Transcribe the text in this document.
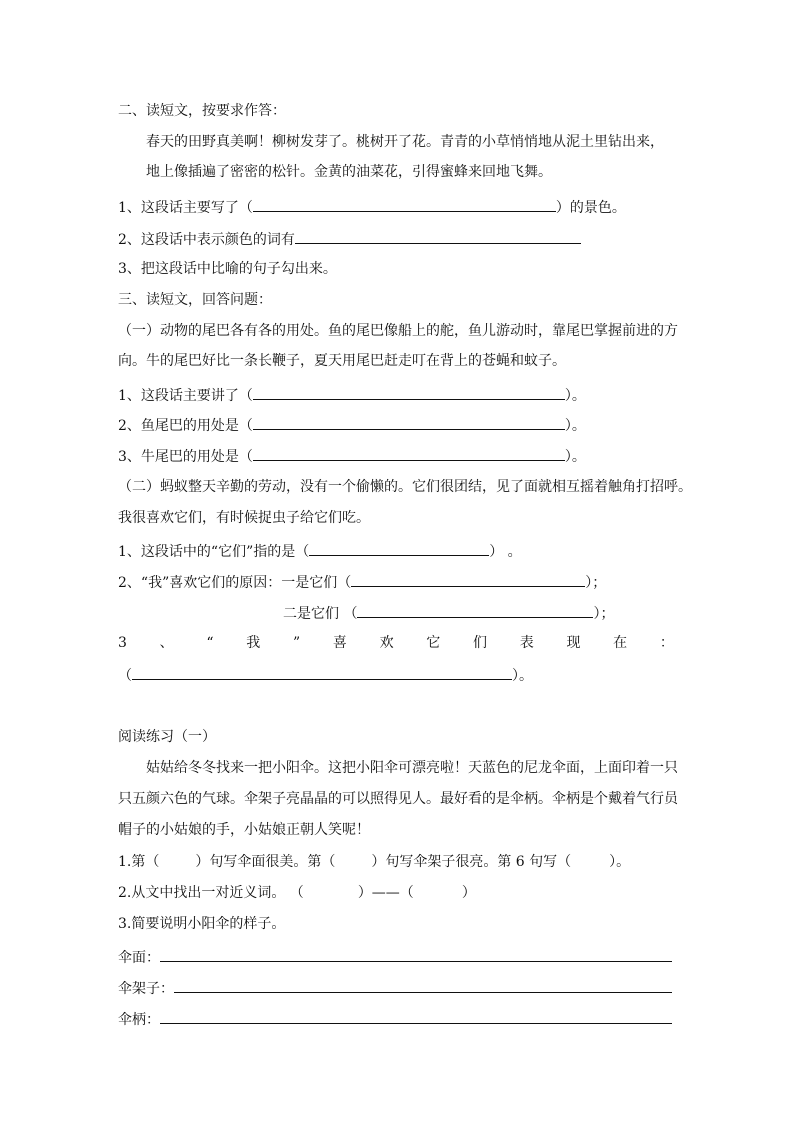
二、读短文，按要求作答：
春天的田野真美啊！柳树发芽了。桃树开了花。青青的小草悄悄地从泥土里钻出来，
地上像插遍了密密的松针。金黄的油菜花，引得蜜蜂来回地飞舞。
1、这段话主要写了（	）的景色。
2、这段话中表示颜色的词有
3、把这段话中比喻的句子勾出来。
三、读短文，回答问题：
（一）动物的尾巴各有各的用处。鱼的尾巴像船上的舵，鱼儿游动时，靠尾巴掌握前进的方
向。牛的尾巴好比一条长鞭子，夏天用尾巴赶走叮在背上的苍蝇和蚊子。
1、这段话主要讲了（	）。
2、鱼尾巴的用处是（	）。
3、牛尾巴的用处是（	）。
（二）蚂蚁整天辛勤的劳动，没有一个偷懒的。它们很团结，见了面就相互摇着触角打招呼。
我很喜欢它们，有时候捉虫子给它们吃。
1、这段话中的“它们”指的是（	） 。
2、“我”喜欢它们的原因：一是它们（	）；
二是它们 （	）；
3 、 “ 我 ” 喜 欢 它 们 表 现 在 ：
（	）。
阅读练习（一）
姑姑给冬冬找来一把小阳伞。这把小阳伞可漂亮啦！天蓝色的尼龙伞面，上面印着一只
只五颜六色的气球。伞架子亮晶晶的可以照得见人。最好看的是伞柄。伞柄是个戴着气行员
帽子的小姑娘的手，小姑娘正朝人笑呢！
1.第（	）句写伞面很美。第（	）句写伞架子很亮。第 6 句写（	）。
2.从文中找出一对近义词。 （	）——（	）
3.简要说明小阳伞的样子。
伞面：
伞架子：
伞柄：
